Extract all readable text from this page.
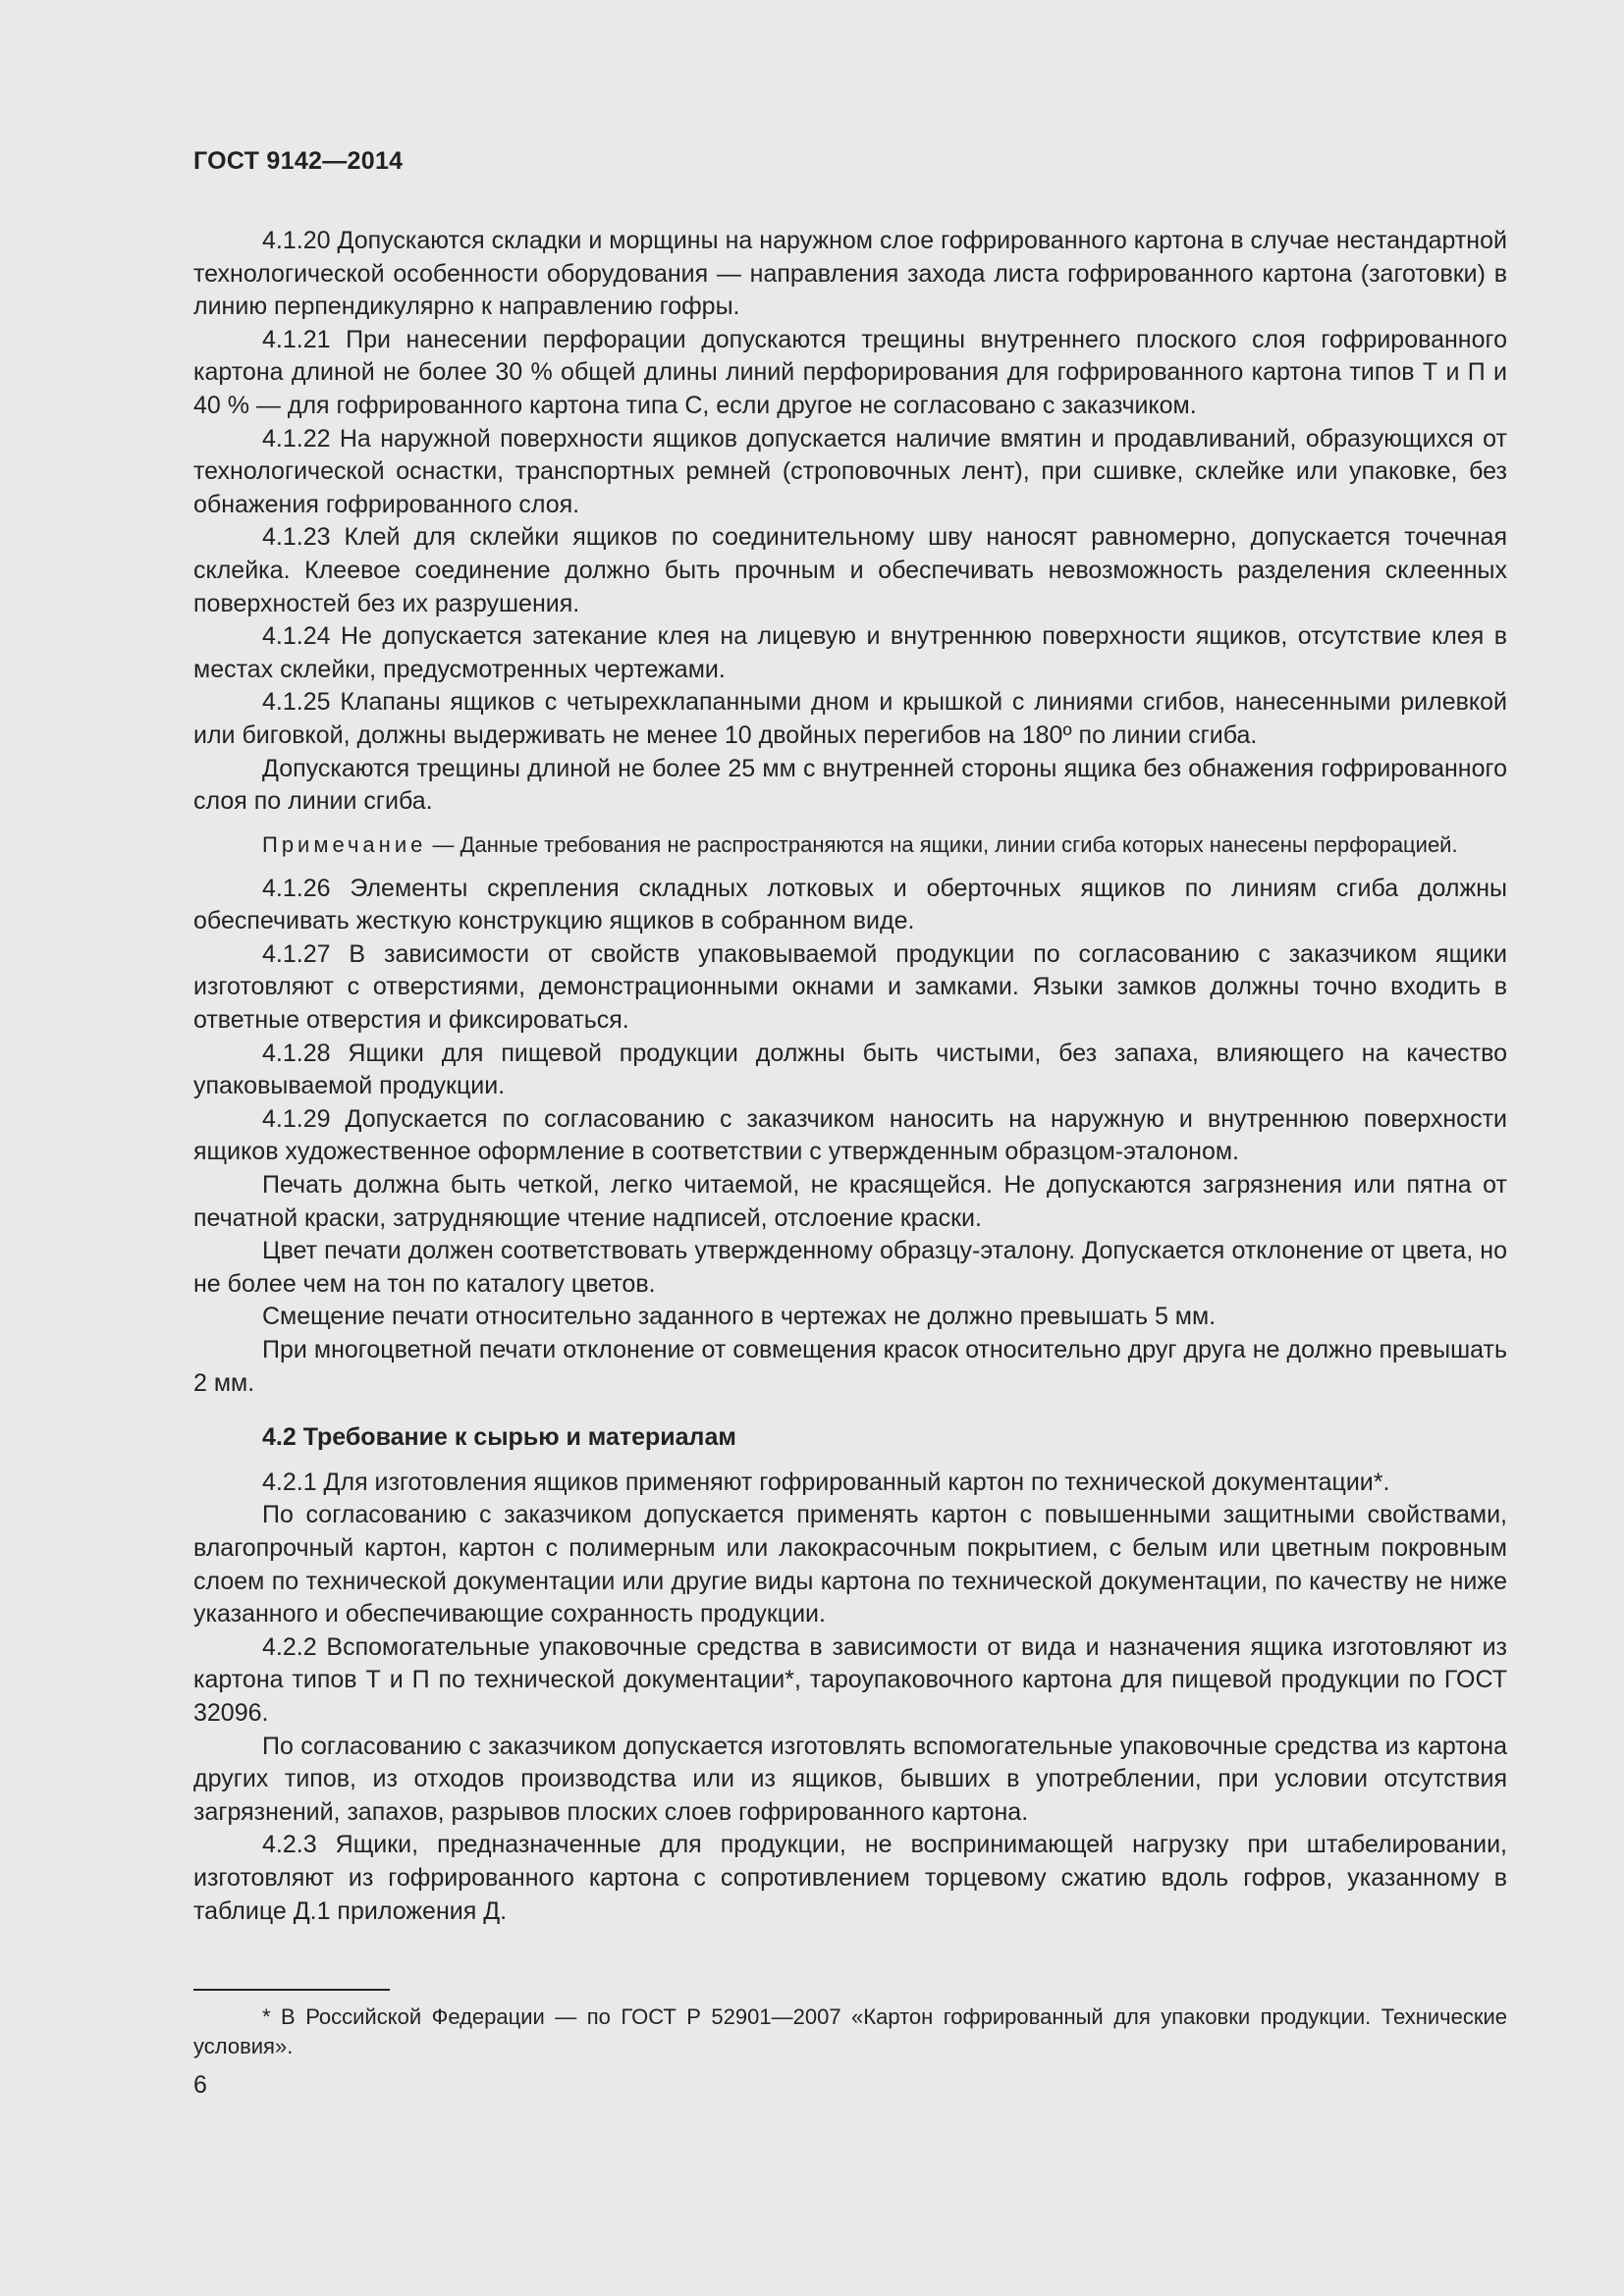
ГОСТ 9142—2014

4.1.20 Допускаются складки и морщины на наружном слое гофрированного картона в случае нестандартной технологической особенности оборудования — направления захода листа гофрированного картона (заготовки) в линию перпендикулярно к направлению гофры.

4.1.21 При нанесении перфорации допускаются трещины внутреннего плоского слоя гофрированного картона длиной не более 30 % общей длины линий перфорирования для гофрированного картона типов Т и П и 40 % — для гофрированного картона типа С, если другое не согласовано с заказчиком.

4.1.22 На наружной поверхности ящиков допускается наличие вмятин и продавливаний, образующихся от технологической оснастки, транспортных ремней (строповочных лент), при сшивке, склейке или упаковке, без обнажения гофрированного слоя.

4.1.23 Клей для склейки ящиков по соединительному шву наносят равномерно, допускается точечная склейка. Клеевое соединение должно быть прочным и обеспечивать невозможность разделения склеенных поверхностей без их разрушения.

4.1.24 Не допускается затекание клея на лицевую и внутреннюю поверхности ящиков, отсутствие клея в местах склейки, предусмотренных чертежами.

4.1.25 Клапаны ящиков с четырехклапанными дном и крышкой с линиями сгибов, нанесенными рилевкой или биговкой, должны выдерживать не менее 10 двойных перегибов на 180º по линии сгиба.

Допускаются трещины длиной не более 25 мм с внутренней стороны ящика без обнажения гофрированного слоя по линии сгиба.

Примечание — Данные требования не распространяются на ящики, линии сгиба которых нанесены перфорацией.

4.1.26 Элементы скрепления складных лотковых и оберточных ящиков по линиям сгиба должны обеспечивать жесткую конструкцию ящиков в собранном виде.

4.1.27 В зависимости от свойств упаковываемой продукции по согласованию с заказчиком ящики изготовляют с отверстиями, демонстрационными окнами и замками. Языки замков должны точно входить в ответные отверстия и фиксироваться.

4.1.28 Ящики для пищевой продукции должны быть чистыми, без запаха, влияющего на качество упаковываемой продукции.

4.1.29 Допускается по согласованию с заказчиком наносить на наружную и внутреннюю поверхности ящиков художественное оформление в соответствии с утвержденным образцом-эталоном.

Печать должна быть четкой, легко читаемой, не красящейся. Не допускаются загрязнения или пятна от печатной краски, затрудняющие чтение надписей, отслоение краски.

Цвет печати должен соответствовать утвержденному образцу-эталону. Допускается отклонение от цвета, но не более чем на тон по каталогу цветов.

Смещение печати относительно заданного в чертежах не должно превышать 5 мм.

При многоцветной печати отклонение от совмещения красок относительно друг друга не должно превышать 2 мм.

4.2 Требование к сырью и материалам

4.2.1 Для изготовления ящиков применяют гофрированный картон по технической документации*.

По согласованию с заказчиком допускается применять картон с повышенными защитными свойствами, влагопрочный картон, картон с полимерным или лакокрасочным покрытием, с белым или цветным покровным слоем по технической документации или другие виды картона по технической документации, по качеству не ниже указанного и обеспечивающие сохранность продукции.

4.2.2 Вспомогательные упаковочные средства в зависимости от вида и назначения ящика изготовляют из картона типов Т и П по технической документации*, тароупаковочного картона для пищевой продукции по ГОСТ 32096.

По согласованию с заказчиком допускается изготовлять вспомогательные упаковочные средства из картона других типов, из отходов производства или из ящиков, бывших в употреблении, при условии отсутствия загрязнений, запахов, разрывов плоских слоев гофрированного картона.

4.2.3 Ящики, предназначенные для продукции, не воспринимающей нагрузку при штабелировании, изготовляют из гофрированного картона с сопротивлением торцевому сжатию вдоль гофров, указанному в таблице Д.1 приложения Д.

* В Российской Федерации — по ГОСТ Р 52901—2007 «Картон гофрированный для упаковки продукции. Технические условия».
6
